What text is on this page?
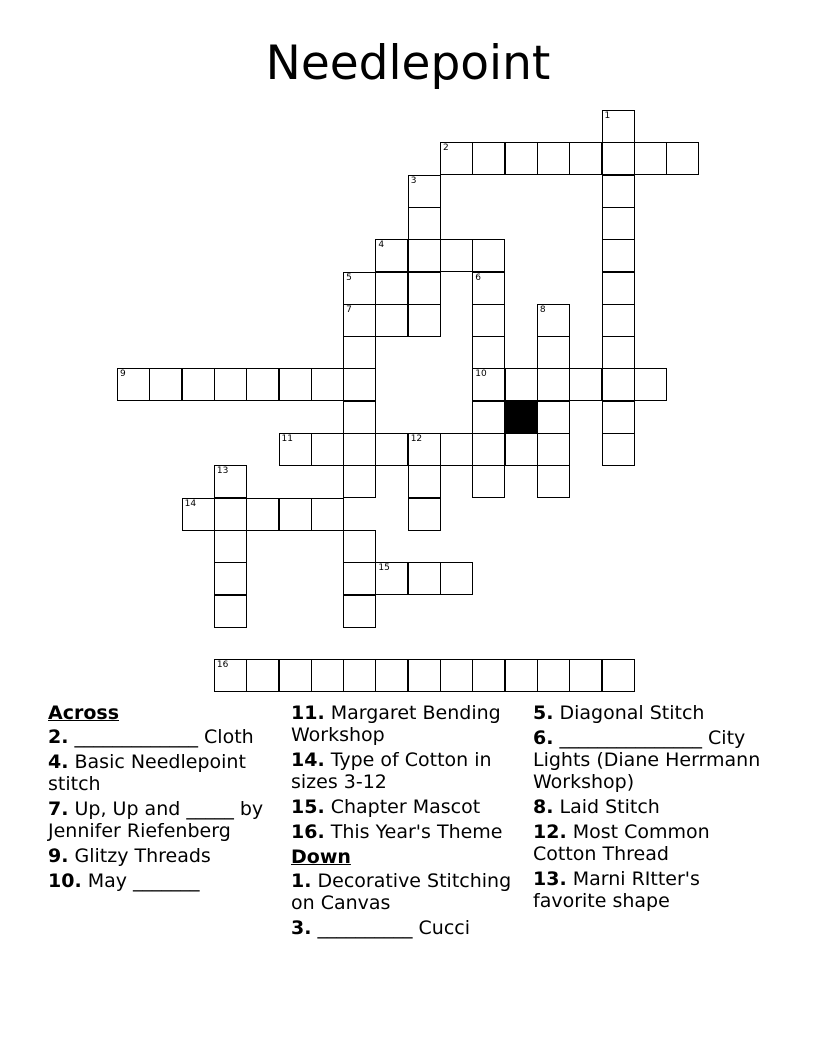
Needlepoint
1
2
3
4
5	6
7	8
9	10
11	12
13
14
15
16
Across
2. _____________ Cloth
4. Basic Needlepoint stitch
7. Up, Up and _____ by Jennifer Riefenberg
9. Glitzy Threads
10. May _______
11. Margaret Bending Workshop
14. Type of Cotton in sizes 3-12
15. Chapter Mascot
16. This Year's Theme
Down
1. Decorative Stitching on Canvas
3. __________ Cucci
5. Diagonal Stitch
6. _______________ City Lights (Diane Herrmann Workshop)
8. Laid Stitch
12. Most Common Cotton Thread
13. Marni RItter's favorite shape
